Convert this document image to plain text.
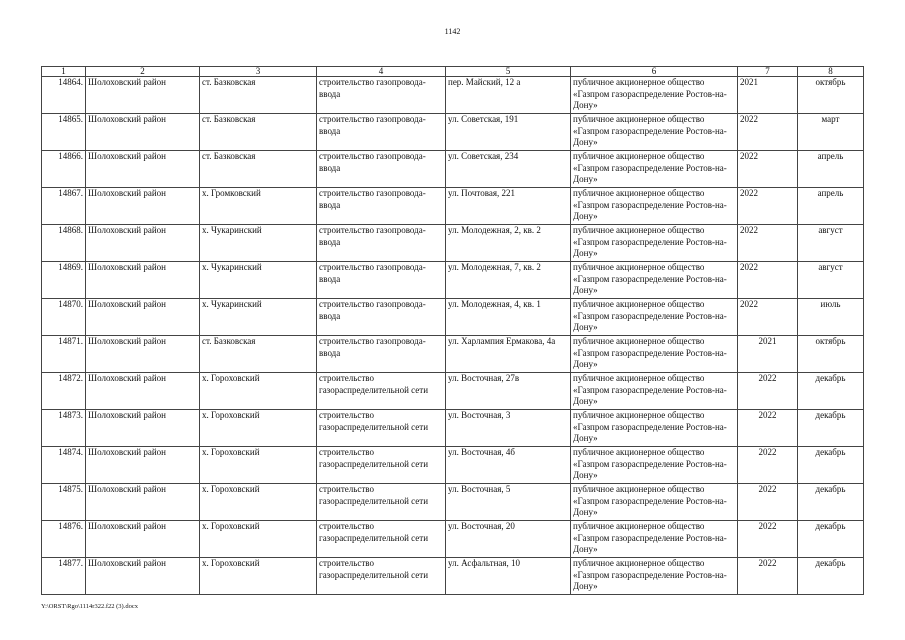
1142
1	2	3	4	5	6	7	8
14864.	Шолоховский район	ст. Базковская	строительство газопровода-ввода	пер. Майский, 12 а	публичное акционерное общество «Газпром газораспределение Ростов-на-Дону»	2021	октябрь
14865.	Шолоховский район	ст. Базковская	строительство газопровода-ввода	ул. Советская, 191	публичное акционерное общество «Газпром газораспределение Ростов-на-Дону»	2022	март
14866.	Шолоховский район	ст. Базковская	строительство газопровода-ввода	ул. Советская, 234	публичное акционерное общество «Газпром газораспределение Ростов-на-Дону»	2022	апрель
14867.	Шолоховский район	х. Громковский	строительство газопровода-ввода	ул. Почтовая, 221	публичное акционерное общество «Газпром газораспределение Ростов-на-Дону»	2022	апрель
14868.	Шолоховский район	х. Чукаринский	строительство газопровода-ввода	ул. Молодежная, 2, кв. 2	публичное акционерное общество «Газпром газораспределение Ростов-на-Дону»	2022	август
14869.	Шолоховский район	х. Чукаринский	строительство газопровода-ввода	ул. Молодежная, 7, кв. 2	публичное акционерное общество «Газпром газораспределение Ростов-на-Дону»	2022	август
14870.	Шолоховский район	х. Чукаринский	строительство газопровода-ввода	ул. Молодежная, 4, кв. 1	публичное акционерное общество «Газпром газораспределение Ростов-на-Дону»	2022	июль
14871.	Шолоховский район	ст. Базковская	строительство газопровода-ввода	ул. Харлампия Ермакова, 4а	публичное акционерное общество «Газпром газораспределение Ростов-на-Дону»	2021	октябрь
14872.	Шолоховский район	х. Гороховский	строительство газораспределительной сети	ул. Восточная, 27в	публичное акционерное общество «Газпром газораспределение Ростов-на-Дону»	2022	декабрь
14873.	Шолоховский район	х. Гороховский	строительство газораспределительной сети	ул. Восточная, 3	публичное акционерное общество «Газпром газораспределение Ростов-на-Дону»	2022	декабрь
14874.	Шолоховский район	х. Гороховский	строительство газораспределительной сети	ул. Восточная, 4б	публичное акционерное общество «Газпром газораспределение Ростов-на-Дону»	2022	декабрь
14875.	Шолоховский район	х. Гороховский	строительство газораспределительной сети	ул. Восточная, 5	публичное акционерное общество «Газпром газораспределение Ростов-на-Дону»	2022	декабрь
14876.	Шолоховский район	х. Гороховский	строительство газораспределительной сети	ул. Восточная, 20	публичное акционерное общество «Газпром газораспределение Ростов-на-Дону»	2022	декабрь
14877.	Шолоховский район	х. Гороховский	строительство газораспределительной сети	ул. Асфальтная, 10	публичное акционерное общество «Газпром газораспределение Ростов-на-Дону»	2022	декабрь
Y:\ORST\Rgo\1114r322.f22 (3).docx
